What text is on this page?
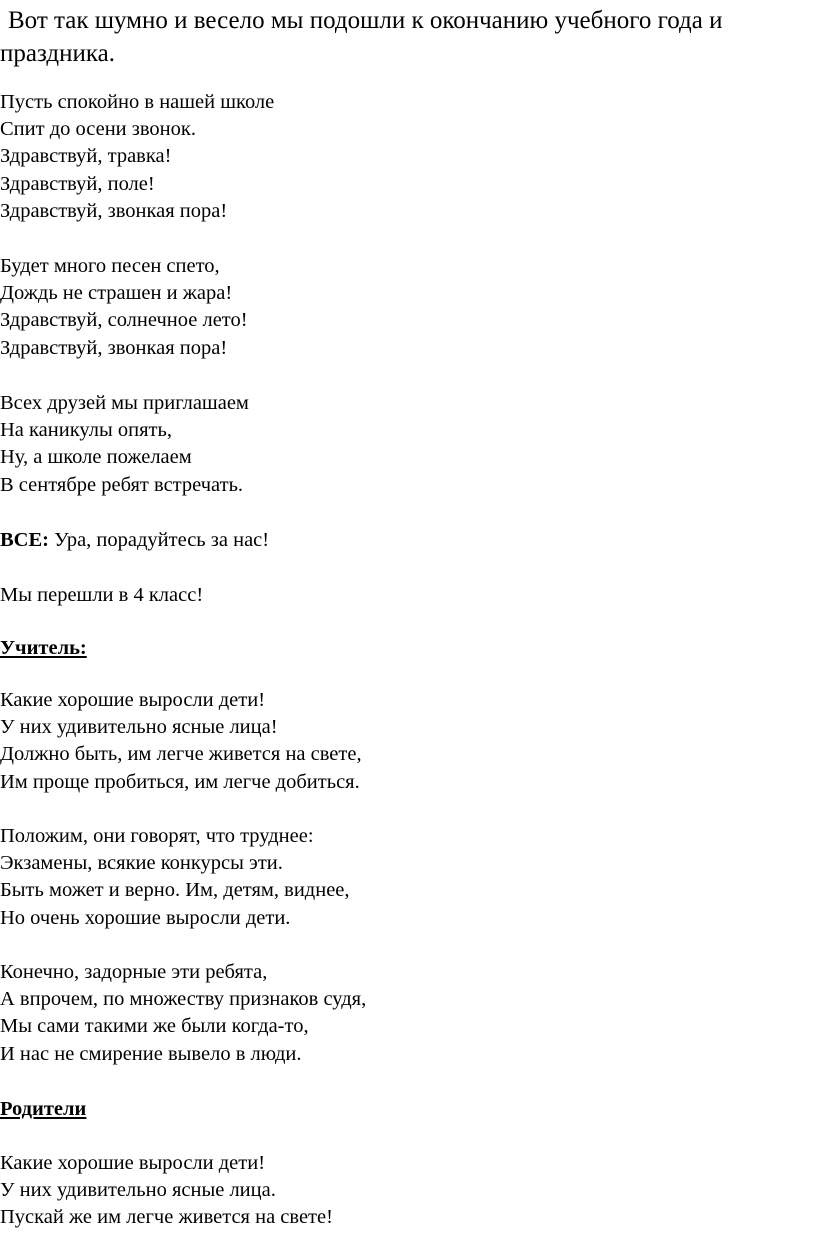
Вот так шумно и весело мы подошли к окончанию учебного года и
праздника.

Пусть спокойно в нашей школе
Спит до осени звонок.
Здравствуй, травка!
Здравствуй, поле!
Здравствуй, звонкая пора!

Будет много песен спето,
Дождь не страшен и жара!
Здравствуй, солнечное лето!
Здравствуй, звонкая пора!

Всех друзей мы приглашаем
На каникулы опять,
Ну, а школе пожелаем
В сентябре ребят встречать.

ВСЕ: Ура, порадуйтесь за нас!

Мы перешли в 4 класс!

Учитель:

Какие хорошие выросли дети!
У них удивительно ясные лица!
Должно быть, им легче живется на свете,
Им проще пробиться, им легче добиться.

Положим, они говорят, что труднее:
Экзамены, всякие конкурсы эти.
Быть может и верно. Им, детям, виднее,
Но очень хорошие выросли дети.

Конечно, задорные эти ребята,
А впрочем, по множеству признаков судя,
Мы сами такими же были когда-то,
И нас не смирение вывело в люди.

Родители

Какие хорошие выросли дети!
У них удивительно ясные лица.
Пускай же им легче живется на свете!
